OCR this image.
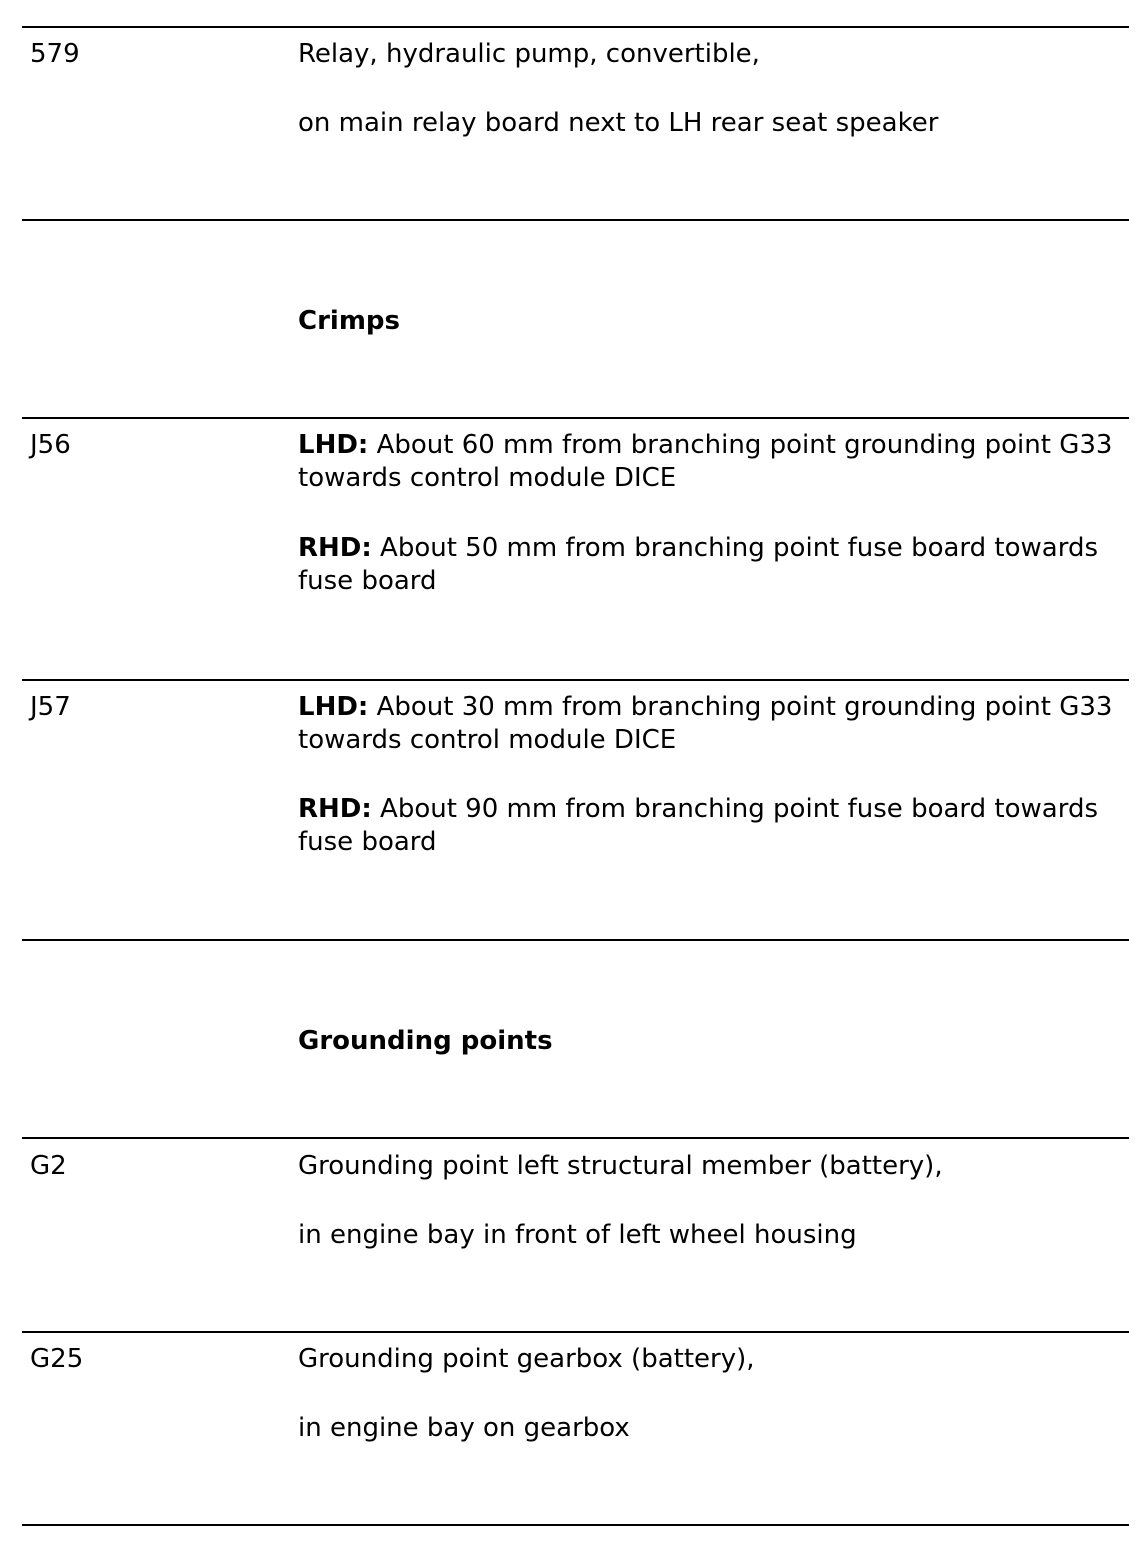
579	Relay, hydraulic pump, convertible,
on main relay board next to LH rear seat speaker
Crimps
J56	LHD: About 60 mm from branching point grounding point G33 towards control module DICE
RHD: About 50 mm from branching point fuse board towards fuse board
J57	LHD: About 30 mm from branching point grounding point G33 towards control module DICE
RHD: About 90 mm from branching point fuse board towards fuse board
Grounding points
G2	Grounding point left structural member (battery),
in engine bay in front of left wheel housing
G25	Grounding point gearbox (battery),
in engine bay on gearbox
